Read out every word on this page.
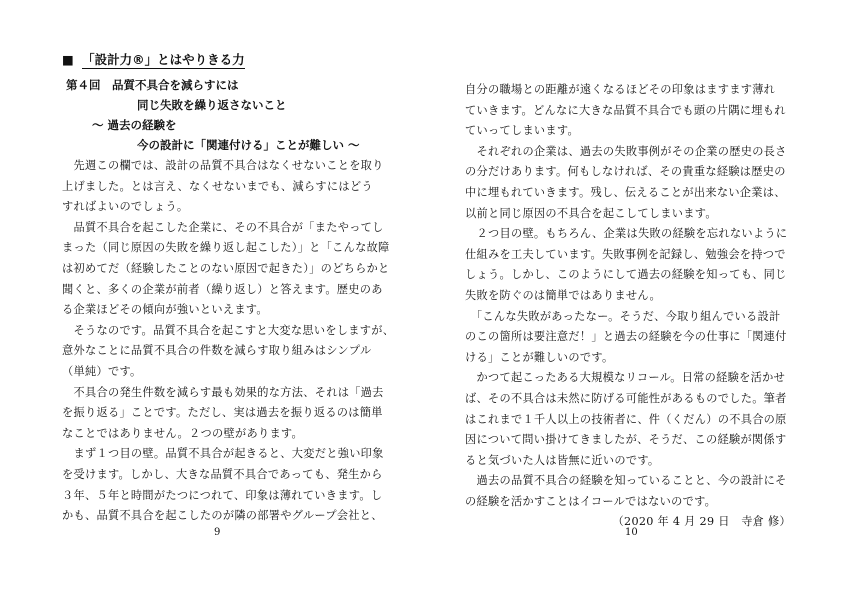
■ 「設計力®」とはやりきる力
第４回　品質不具合を減らすには
同じ失敗を繰り返さないこと
〜 過去の経験を
今の設計に「関連付ける」ことが難しい 〜
　先週この欄では、設計の品質不具合はなくせないことを取り
上げました。とは言え、なくせないまでも、減らすにはどう
すればよいのでしょう。
　品質不具合を起こした企業に、その不具合が「またやってし
まった（同じ原因の失敗を繰り返し起こした）」と「こんな故障
は初めてだ（経験したことのない原因で起きた）」のどちらかと
聞くと、多くの企業が前者（繰り返し）と答えます。歴史のあ
る企業ほどその傾向が強いといえます。
　そうなのです。品質不具合を起こすと大変な思いをしますが、
意外なことに品質不具合の件数を減らす取り組みはシンプル
（単純）です。
　不具合の発生件数を減らす最も効果的な方法、それは「過去
を振り返る」ことです。ただし、実は過去を振り返るのは簡単
なことではありません。２つの壁があります。
　まず１つ目の壁。品質不具合が起きると、大変だと強い印象
を受けます。しかし、大きな品質不具合であっても、発生から
３年、５年と時間がたつにつれて、印象は薄れていきます。し
かも、品質不具合を起こしたのが隣の部署やグループ会社と、
9
自分の職場との距離が遠くなるほどその印象はますます薄れ
ていきます。どんなに大きな品質不具合でも頭の片隅に埋もれ
ていってしまいます。
　それぞれの企業は、過去の失敗事例がその企業の歴史の長さ
の分だけあります。何もしなければ、その貴重な経験は歴史の
中に埋もれていきます。残し、伝えることが出来ない企業は、
以前と同じ原因の不具合を起こしてしまいます。
　２つ目の壁。もちろん、企業は失敗の経験を忘れないように
仕組みを工夫しています。失敗事例を記録し、勉強会を持つで
しょう。しかし、このようにして過去の経験を知っても、同じ
失敗を防ぐのは簡単ではありません。
　「こんな失敗があったなー。そうだ、今取り組んでいる設計
のこの箇所は要注意だ！」と過去の経験を今の仕事に「関連付
ける」ことが難しいのです。
　かつて起こったある大規模なリコール。日常の経験を活かせ
ば、その不具合は未然に防げる可能性があるものでした。筆者
はこれまで１千人以上の技術者に、件（くだん）の不具合の原
因について問い掛けてきましたが、そうだ、この経験が関係す
ると気づいた人は皆無に近いのです。
　過去の品質不具合の経験を知っていることと、今の設計にそ
の経験を活かすことはイコールではないのです。
（2020 年 4 月 29 日　寺倉 修）
10
